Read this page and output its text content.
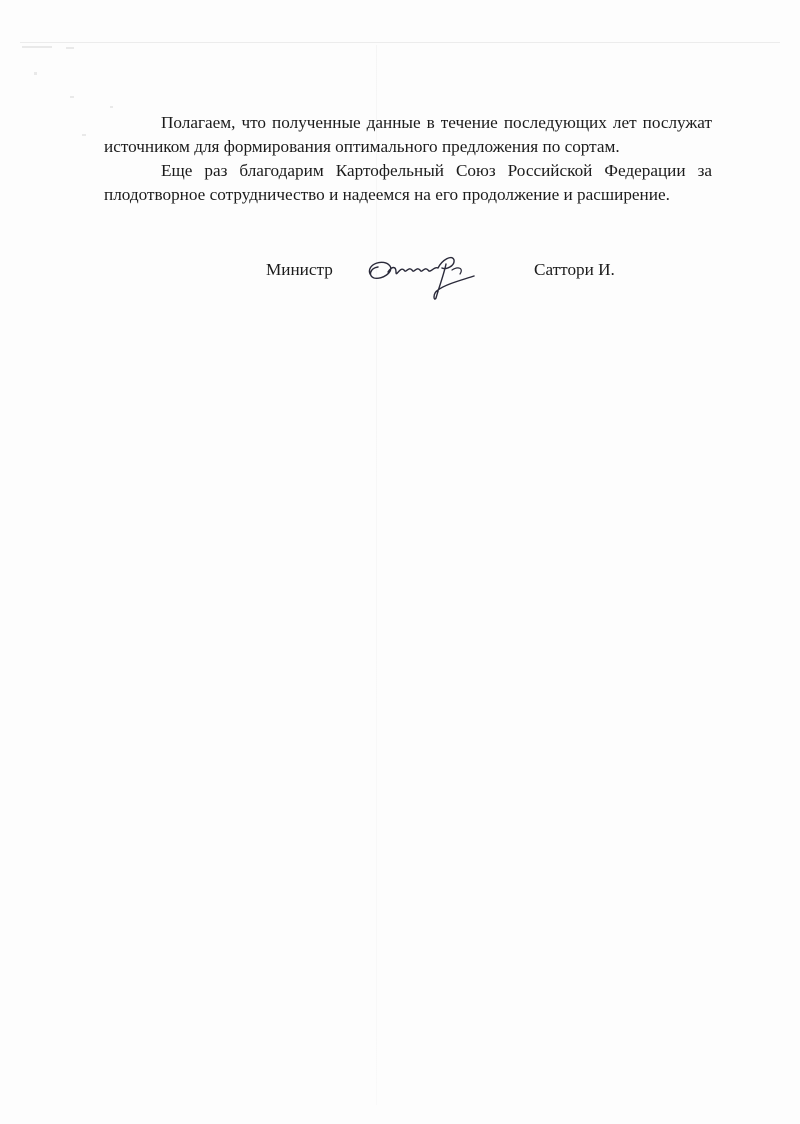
Полагаем, что полученные данные в течение последующих лет послужат источником для формирования оптимального предложения по сортам.

Еще раз благодарим Картофельный Союз Российской Федерации за плодотворное сотрудничество и надеемся на его продолжение и расширение.

Министр	Саттори И.
